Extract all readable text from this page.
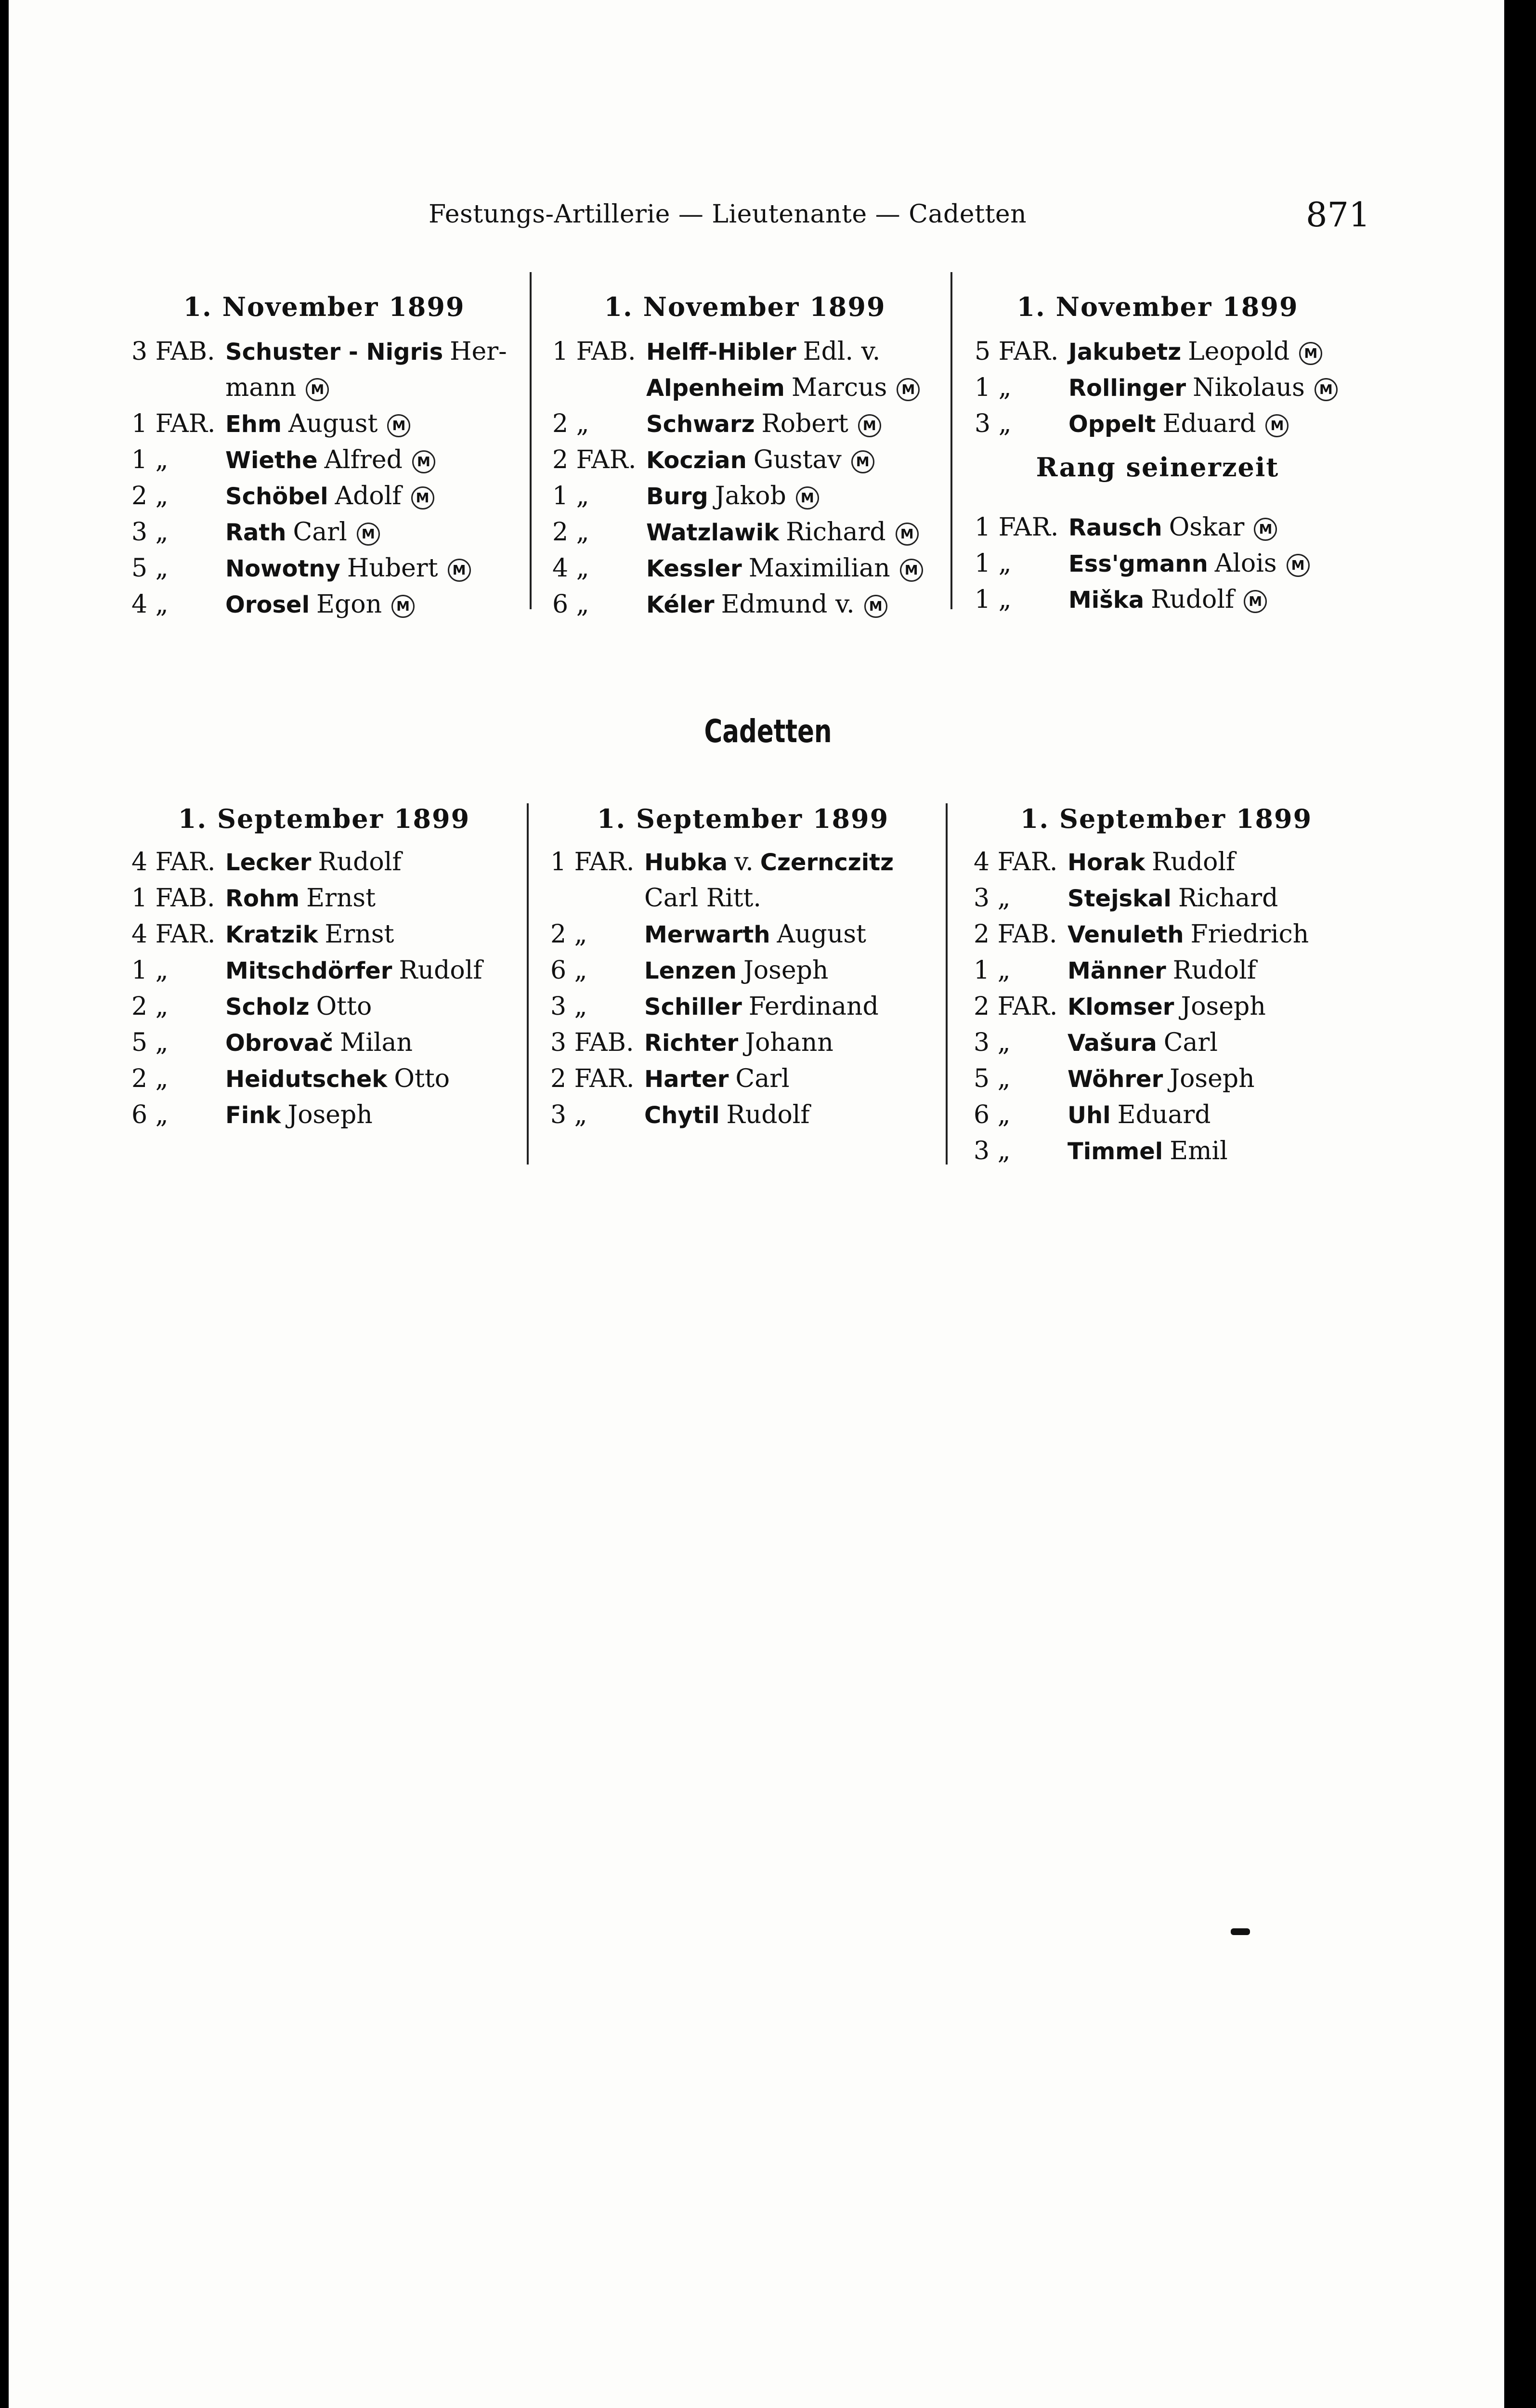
Festungs-Artillerie — Lieutenante — Cadetten	871
1. November 1899
3 FAB. Schuster - Nigris Her-
mann M
1 FAR. Ehm August M
1 „ Wiethe Alfred M
2 „ Schöbel Adolf M
3 „ Rath Carl M
5 „ Nowotny Hubert M
4 „ Orosel Egon M
1. November 1899
1 FAB. Helff-Hibler Edl. v.
Alpenheim Marcus M
2 „ Schwarz Robert M
2 FAR. Koczian Gustav M
1 „ Burg Jakob M
2 „ Watzlawik Richard M
4 „ Kessler Maximilian M
6 „ Kéler Edmund v. M
1. November 1899
5 FAR. Jakubetz Leopold M
1 „ Rollinger Nikolaus M
3 „ Oppelt Eduard M
Rang seinerzeit
1 FAR. Rausch Oskar M
1 „ Ess'gmann Alois M
1 „ Miška Rudolf M
Cadetten
1. September 1899
4 FAR. Lecker Rudolf
1 FAB. Rohm Ernst
4 FAR. Kratzik Ernst
1 „ Mitschdörfer Rudolf
2 „ Scholz Otto
5 „ Obrovač Milan
2 „ Heidutschek Otto
6 „ Fink Joseph
1. September 1899
1 FAR. Hubka v. Czernczitz
Carl Ritt.
2 „ Merwarth August
6 „ Lenzen Joseph
3 „ Schiller Ferdinand
3 FAB. Richter Johann
2 FAR. Harter Carl
3 „ Chytil Rudolf
1. September 1899
4 FAR. Horak Rudolf
3 „ Stejskal Richard
2 FAB. Venuleth Friedrich
1 „ Männer Rudolf
2 FAR. Klomser Joseph
3 „ Vašura Carl
5 „ Wöhrer Joseph
6 „ Uhl Eduard
3 „ Timmel Emil
